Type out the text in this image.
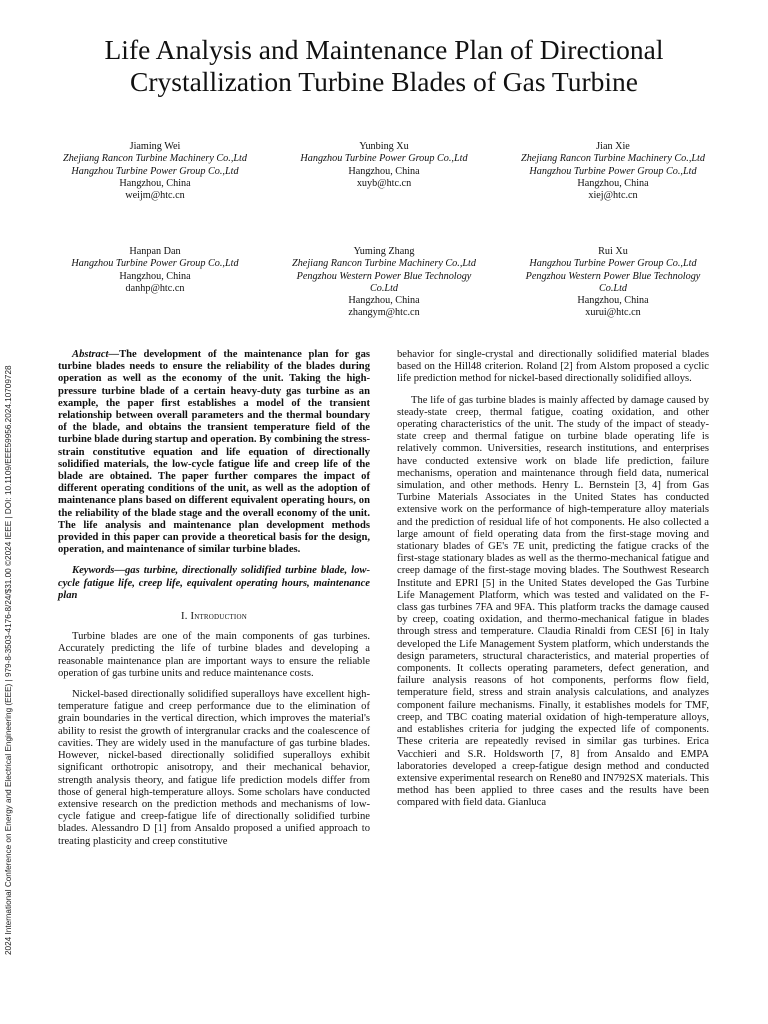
2024 International Conference on Energy and Electrical Engineering (EEE) | 979-8-3503-4176-8/24/$31.00 ©2024 IEEE | DOI: 10.1109/EEE59956.2024.10709728
Life Analysis and Maintenance Plan of Directional Crystallization Turbine Blades of Gas Turbine
Jiaming Wei
Zhejiang Rancon Turbine Machinery Co.,Ltd
Hangzhou Turbine Power Group Co.,Ltd
Hangzhou, China
weijm@htc.cn
Yunbing Xu
Hangzhou Turbine Power Group Co.,Ltd
Hangzhou, China
xuyb@htc.cn
Jian Xie
Zhejiang Rancon Turbine Machinery Co.,Ltd
Hangzhou Turbine Power Group Co.,Ltd
Hangzhou, China
xiej@htc.cn
Hanpan Dan
Hangzhou Turbine Power Group Co.,Ltd
Hangzhou, China
danhp@htc.cn
Yuming Zhang
Zhejiang Rancon Turbine Machinery Co.,Ltd
Pengzhou Western Power Blue Technology Co.Ltd
Hangzhou, China
zhangym@htc.cn
Rui Xu
Hangzhou Turbine Power Group Co.,Ltd
Pengzhou Western Power Blue Technology Co.Ltd
Hangzhou, China
xurui@htc.cn
Abstract—The development of the maintenance plan for gas turbine blades needs to ensure the reliability of the blades during operation as well as the economy of the unit. Taking the high-pressure turbine blade of a certain heavy-duty gas turbine as an example, the paper first establishes a model of the transient relationship between overall parameters and the thermal boundary of the blade, and obtains the transient temperature field of the turbine blade during startup and operation. By combining the stress-strain constitutive equation and life equation of directionally solidified materials, the low-cycle fatigue life and creep life of the blade are obtained. The paper further compares the impact of different operating conditions of the unit, as well as the adoption of maintenance plans based on different equivalent operating hours, on the reliability of the blade stage and the overall economy of the unit. The life analysis and maintenance plan development methods provided in this paper can provide a theoretical basis for the design, operation, and maintenance of similar turbine blades.
Keywords—gas turbine, directionally solidified turbine blade, low-cycle fatigue life, creep life, equivalent operating hours, maintenance plan
I. Introduction

Turbine blades are one of the main components of gas turbines. Accurately predicting the life of turbine blades and developing a reasonable maintenance plan are important ways to ensure the reliable operation of gas turbine units and reduce maintenance costs.

Nickel-based directionally solidified superalloys have excellent high-temperature fatigue and creep performance due to the elimination of grain boundaries in the vertical direction, which improves the material's ability to resist the growth of intergranular cracks and the coalescence of cavities. They are widely used in the manufacture of gas turbine blades. However, nickel-based directionally solidified superalloys exhibit significant orthotropic anisotropy, and their mechanical behavior, strength analysis theory, and fatigue life prediction models differ from those of general high-temperature alloys. Some scholars have conducted extensive research on the prediction methods and mechanisms of low-cycle fatigue and creep-fatigue life of directionally solidified turbine blades. Alessandro D [1] from Ansaldo proposed a unified approach to treating plasticity and creep constitutive

behavior for single-crystal and directionally solidified material blades based on the Hill48 criterion. Roland [2] from Alstom proposed a cyclic life prediction method for nickel-based directionally solidified alloys.

The life of gas turbine blades is mainly affected by damage caused by steady-state creep, thermal fatigue, coating oxidation, and other operating characteristics of the unit. The study of the impact of steady-state creep and thermal fatigue on turbine blade operating life is relatively common. Universities, research institutions, and enterprises have conducted extensive work on blade life prediction, failure mechanisms, operation and maintenance through field data, numerical simulation, and other methods. Henry L. Bernstein [3, 4] from Gas Turbine Materials Associates in the United States has conducted extensive work on the performance of high-temperature alloy materials and the prediction of residual life of hot components. He also collected a large amount of field operating data from the first-stage moving and stationary blades of GE's 7E unit, predicting the fatigue cracks of the first-stage stationary blades as well as the thermo-mechanical fatigue and creep damage of the first-stage moving blades. The Southwest Research Institute and EPRI [5] in the United States developed the Gas Turbine Life Management Platform, which was tested and validated on the F-class gas turbines 7FA and 9FA. This platform tracks the damage caused by creep, coating oxidation, and thermo-mechanical fatigue in blades through stress and temperature. Claudia Rinaldi from CESI [6] in Italy developed the Life Management System platform, which understands the design parameters, structural characteristics, and material properties of components. It collects operating parameters, defect generation, and failure analysis reasons of hot components, performs flow field, temperature field, stress and strain analysis calculations, and analyzes component failure mechanisms. Finally, it establishes models for TMF, creep, and TBC coating material oxidation of high-temperature alloys, and establishes criteria for judging the expected life of components. These criteria are repeatedly revised in similar gas turbines. Erica Vacchieri and S.R. Holdsworth [7, 8] from Ansaldo and EMPA laboratories developed a creep-fatigue design method and conducted extensive experimental research on Rene80 and IN792SX materials. This method has been applied to three cases and the results have been compared with field data. Gianluca
